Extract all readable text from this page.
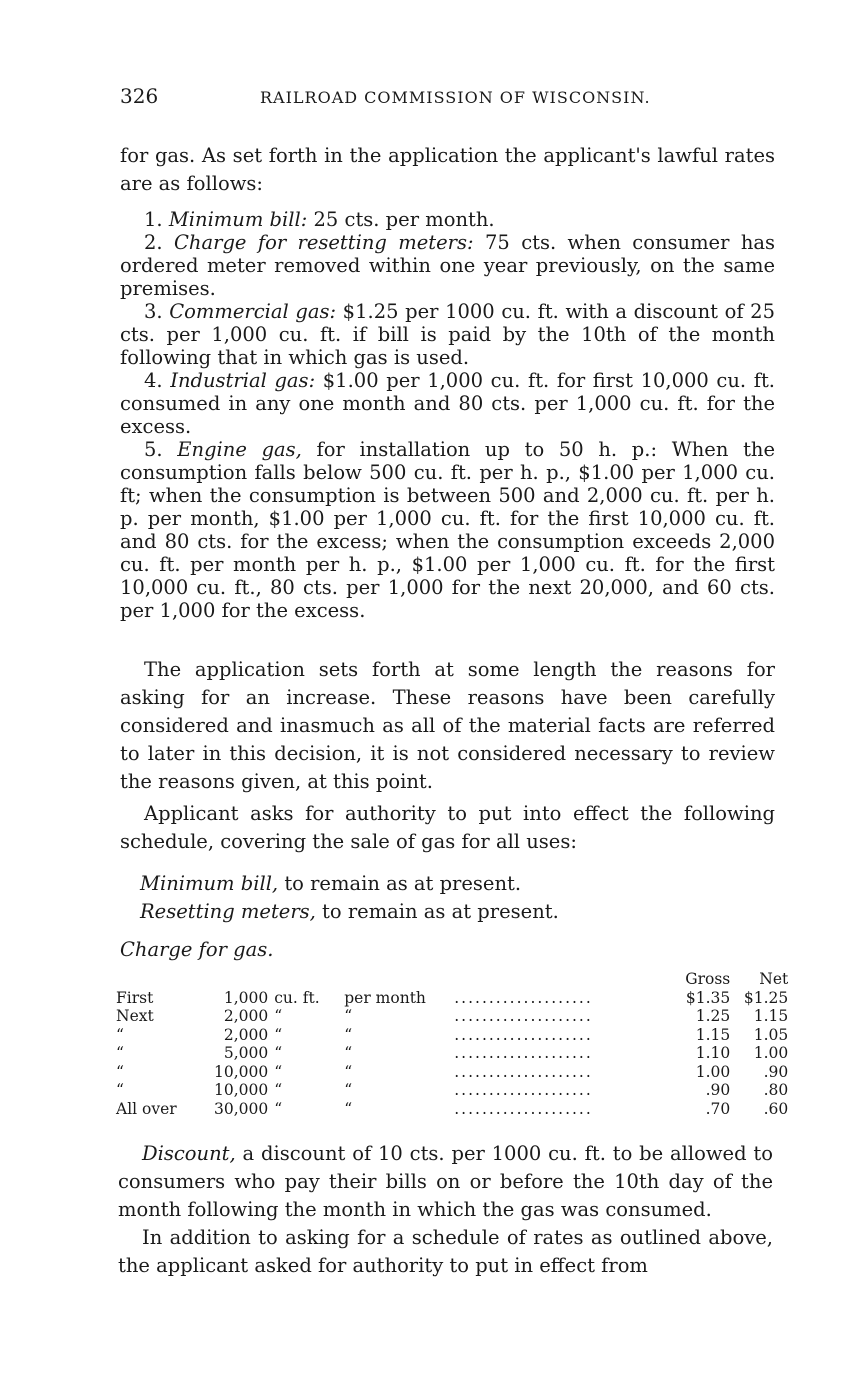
326	RAILROAD COMMISSION OF WISCONSIN.

for gas. As set forth in the application the applicant's lawful rates are as follows:

1. Minimum bill: 25 cts. per month.

2. Charge for resetting meters: 75 cts. when consumer has ordered meter removed within one year previously, on the same premises.

3. Commercial gas: $1.25 per 1000 cu. ft. with a discount of 25 cts. per 1,000 cu. ft. if bill is paid by the 10th of the month following that in which gas is used.

4. Industrial gas: $1.00 per 1,000 cu. ft. for first 10,000 cu. ft. consumed in any one month and 80 cts. per 1,000 cu. ft. for the excess.

5. Engine gas, for installation up to 50 h. p.: When the consumption falls below 500 cu. ft. per h. p., $1.00 per 1,000 cu. ft; when the consumption is between 500 and 2,000 cu. ft. per h. p. per month, $1.00 per 1,000 cu. ft. for the first 10,000 cu. ft. and 80 cts. for the excess; when the consumption exceeds 2,000 cu. ft. per month per h. p., $1.00 per 1,000 cu. ft. for the first 10,000 cu. ft., 80 cts. per 1,000 for the next 20,000, and 60 cts. per 1,000 for the excess.

The application sets forth at some length the reasons for asking for an increase. These reasons have been carefully considered and inasmuch as all of the material facts are referred to later in this decision, it is not considered necessary to review the reasons given, at this point.

Applicant asks for authority to put into effect the following schedule, covering the sale of gas for all uses:

Minimum bill, to remain as at present.
Resetting meters, to remain as at present.
Charge for gas.
					Gross	Net
First	1,000	cu. ft.	per month	....................	$1.35	$1.25
Next	2,000	“	“	....................	1.25	1.15
“	2,000	“	“	....................	1.15	1.05
“	5,000	“	“	....................	1.10	1.00
“	10,000	“	“	....................	1.00	.90
“	10,000	“	“	....................	.90	.80
All over	30,000	“	“	....................	.70	.60

Discount, a discount of 10 cts. per 1000 cu. ft. to be allowed to consumers who pay their bills on or before the 10th day of the month following the month in which the gas was consumed.

In addition to asking for a schedule of rates as outlined above, the applicant asked for authority to put in effect from
